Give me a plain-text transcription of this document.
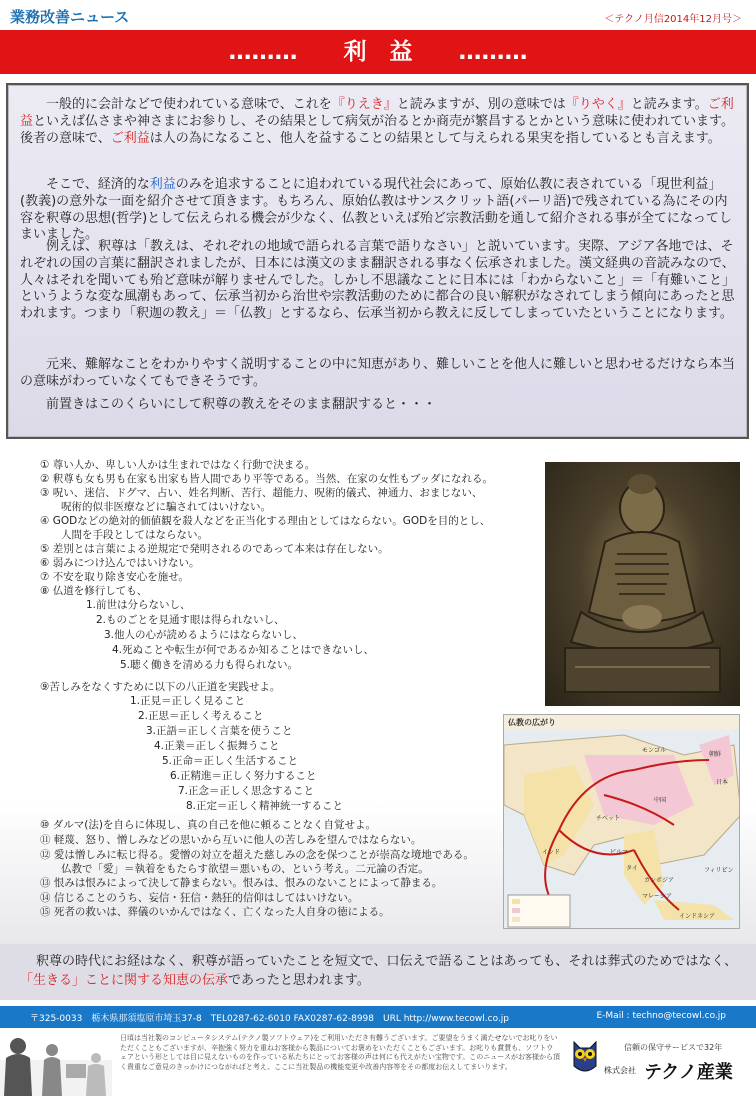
業務改善ニュース	＜テクノ月信2014年12月号＞
………　　利　益　　………
一般的に会計などで使われている意味で、これを『りえき』と読みますが、別の意味では『りやく』と読みます。ご利益といえば仏さまや神さまにお参りし、その結果として病気が治るとか商売が繁昌するとかという意味に使われています。後者の意味で、ご利益は人の為になること、他人を益することの結果として与えられる果実を指しているとも言えます。
そこで、経済的な利益のみを追求することに追われている現代社会にあって、原始仏教に表されている「現世利益」(教義)の意外な一面を紹介させて頂きます。もちろん、原始仏教はサンスクリット語(パーリ語)で残されている為にその内容を釈尊の思想(哲学)として伝えられる機会が少なく、仏教といえば殆ど宗教活動を通して紹介される事が全てになってしまいました。
例えば、釈尊は「教えは、それぞれの地域で語られる言葉で語りなさい」と説いています。実際、アジア各地では、それぞれの国の言葉に翻訳されましたが、日本には漢文のまま翻訳される事なく伝承されました。漢文経典の音読みなので、人々はそれを聞いても殆ど意味が解りませんでした。しかし不思議なことに日本には「わからないこと」＝「有難いこと」というような変な風潮もあって、伝承当初から治世や宗教活動のために都合の良い解釈がなされてしまう傾向にあったと思われます。つまり「釈迦の教え」＝「仏教」とするなら、伝承当初から教えに反してしまっていたということになります。
元来、難解なことをわかりやすく説明することの中に知恵があり、難しいことを他人に難しいと思わせるだけなら本当の意味がわっていなくてもできそうです。
前置きはこのくらいにして釈尊の教えをそのまま翻訳すると・・・
① 尊い人か、卑しい人かは生まれではなく行動で決まる。
② 釈尊も女も男も在家も出家も皆人間であり平等である。当然、在家の女性もブッダになれる。
③ 呪い、迷信、ドグマ、占い、姓名判断、苦行、超能力、呪術的儀式、神通力、おまじない、
　　呪術的似非医療などに騙されてはいけない。
④ GODなどの絶対的価値観を殺人などを正当化する理由としてはならない。GODを目的とし、
　　人間を手段としてはならない。
⑤ 差別とは言葉による逆規定で発明されるのであって本来は存在しない。
⑥ 弱みにつけ込んではいけない。
⑦ 不安を取り除き安心を施せ。
⑧ 仏道を修行しても、
1.前世は分らないし、
2.ものごとを見通す眼は得られないし、
3.他人の心が読めるようにはならないし、
4.死ぬことや転生が何であるか知ることはできないし、
5.聴く働きを清める力も得られない。
⑨苦しみをなくすために以下の八正道を実践せよ。
1.正見＝正しく見ること
2.正思＝正しく考えること
3.正語＝正しく言葉を使うこと
4.正業＝正しく振舞うこと
5.正命＝正しく生活すること
6.正精進＝正しく努力すること
7.正念＝正しく思念すること
8.正定＝正しく精神統一すること
⑩ ダルマ(法)を自らに体現し、真の自己を他に頼ることなく自覚せよ。
⑪ 軽蔑、怒り、憎しみなどの思いから互いに他人の苦しみを望んではならない。
⑫ 愛は憎しみに転じ得る。愛憎の対立を超えた慈しみの念を保つことが崇高な境地である。
　　仏教で「愛」＝執着をもたらす欲望＝悪いもの、という考え。二元論の否定。
⑬ 恨みは恨みによって決して静まらない。恨みは、恨みのないことによって静まる。
⑭ 信じることのうち、妄信・狂信・熱狂的信仰はしてはいけない。
⑮ 死者の救いは、葬儀のいかんではなく、亡くなった人自身の徳による。
仏教の広がり
モンゴル
朝鮮
日本
中国
チベット
インド	ビルマ
タイ
インドネシア
フィリピン
マレーシア
カンボジア
釈尊の時代にお経はなく、釈尊が語っていたことを短文で、口伝えで語ることはあっても、それは葬式のためではなく、「生きる」ことに関する知恵の伝承であったと思われます。
〒325-0033　栃木県那須塩原市埼玉37-8　TEL0287-62-6010 FAX0287-62-8998　URL http://www.tecowl.co.jp	E-Mail : techno@tecowl.co.jp
日頃は当社製のコンピュータシステム(テクノ製ソフトウェア)をご利用いただき有難うございます。ご要望をうまく満たせないでお叱りをいただくこともございますが、辛抱強く努力を重ねお客様から製品についてお褒めをいただくこともございます。お叱りも賞賛も、ソフトウェアという形としては目に見えないものを作っている私たちにとってお客様の声は何にも代えがたい宝物です。このニュースがお客様から頂く貴重なご意見のきっかけにつながればと考え、ここに当社製品の機能変更や改善内容等をその都度お伝えしてまいります。
信頼の保守サービスで32年
株式会社 テクノ産業
